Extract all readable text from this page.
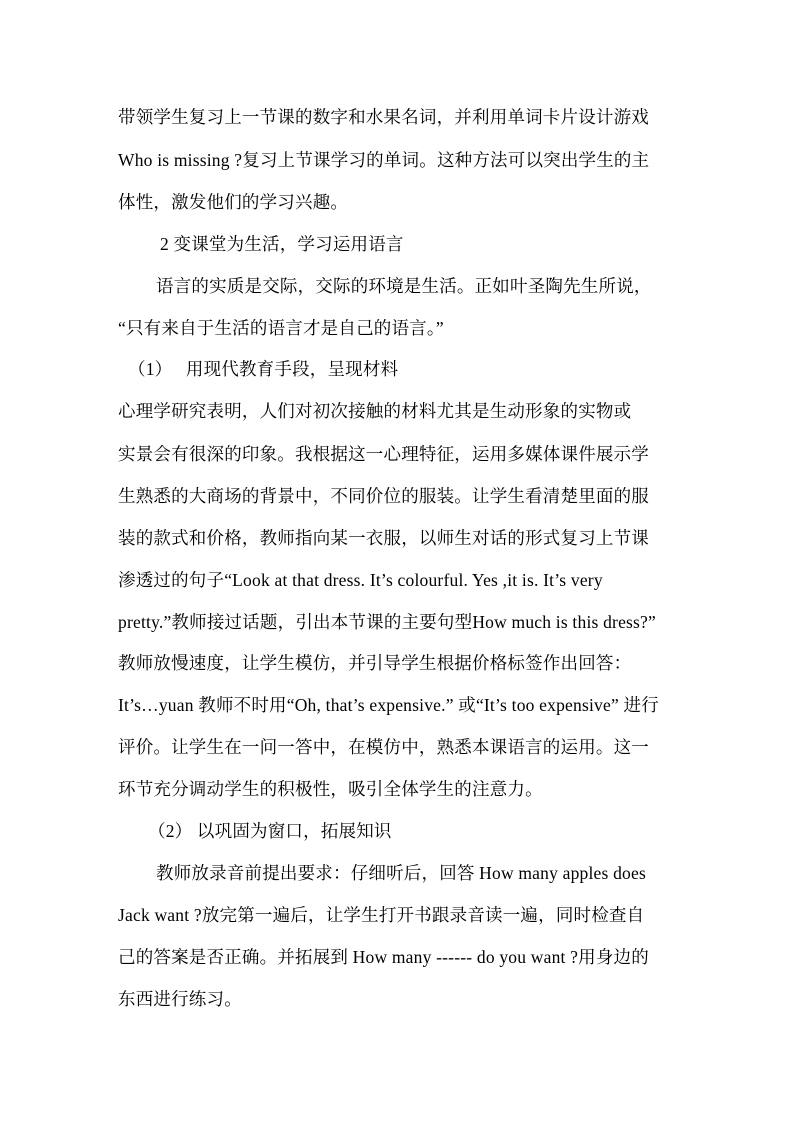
带领学生复习上一节课的数字和水果名词，并利用单词卡片设计游戏
Who is missing ?复习上节课学习的单词。这种方法可以突出学生的主
体性，激发他们的学习兴趣。
2 变课堂为生活，学习运用语言
语言的实质是交际，交际的环境是生活。正如叶圣陶先生所说，
“只有来自于生活的语言才是自己的语言。”
（1）　 用现代教育手段，呈现材料
心理学研究表明，人们对初次接触的材料尤其是生动形象的实物或
实景会有很深的印象。我根据这一心理特征，运用多媒体课件展示学
生熟悉的大商场的背景中，不同价位的服装。让学生看清楚里面的服
装的款式和价格，教师指向某一衣服，以师生对话的形式复习上节课
渗透过的句子“Look at that dress. It’s colourful. Yes ,it is. It’s very
pretty.”教师接过话题，引出本节课的主要句型How much is this dress?”
教师放慢速度，让学生模仿，并引导学生根据价格标签作出回答：
It’s…yuan 教师不时用“Oh, that’s expensive.” 或“It’s too expensive” 进行
评价。让学生在一问一答中，在模仿中，熟悉本课语言的运用。这一
环节充分调动学生的积极性，吸引全体学生的注意力。
（2） 以巩固为窗口，拓展知识
教师放录音前提出要求：仔细听后，回答 How many apples does
Jack want ?放完第一遍后，让学生打开书跟录音读一遍，同时检查自
己的答案是否正确。并拓展到 How many ------ do you want ?用身边的
东西进行练习。
